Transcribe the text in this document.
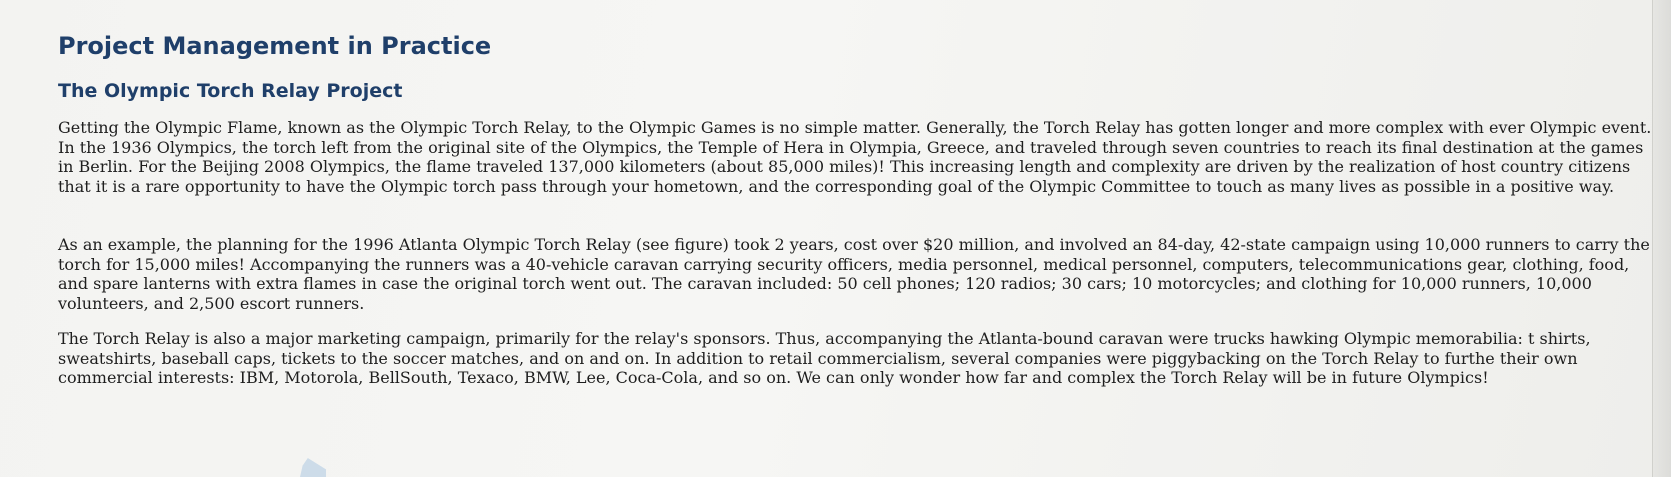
Project Management in Practice
The Olympic Torch Relay Project

Getting the Olympic Flame, known as the Olympic Torch Relay, to the Olympic Games is no simple matter. Generally, the Torch Relay has gotten longer and more complex with ever Olympic event. In the 1936 Olympics, the torch left from the original site of the Olympics, the Temple of Hera in Olympia, Greece, and traveled through seven countries to reach its final destination at the games in Berlin. For the Beijing 2008 Olympics, the flame traveled 137,000 kilometers (about 85,000 miles)! This increasing length and complexity are driven by the realization of host country citizens that it is a rare opportunity to have the Olympic torch pass through your hometown, and the corresponding goal of the Olympic Committee to touch as many lives as possible in a positive way.

As an example, the planning for the 1996 Atlanta Olympic Torch Relay (see figure) took 2 years, cost over $20 million, and involved an 84-day, 42-state campaign using 10,000 runners to carry the torch for 15,000 miles! Accompanying the runners was a 40-vehicle caravan carrying security officers, media personnel, medical personnel, computers, telecommunications gear, clothing, food, and spare lanterns with extra flames in case the original torch went out. The caravan included: 50 cell phones; 120 radios; 30 cars; 10 motorcycles; and clothing for 10,000 runners, 10,000 volunteers, and 2,500 escort runners.

The Torch Relay is also a major marketing campaign, primarily for the relay's sponsors. Thus, accompanying the Atlanta-bound caravan were trucks hawking Olympic memorabilia: t shirts, sweatshirts, baseball caps, tickets to the soccer matches, and on and on. In addition to retail commercialism, several companies were piggybacking on the Torch Relay to furthe their own commercial interests: IBM, Motorola, BellSouth, Texaco, BMW, Lee, Coca-Cola, and so on. We can only wonder how far and complex the Torch Relay will be in future Olympics!
